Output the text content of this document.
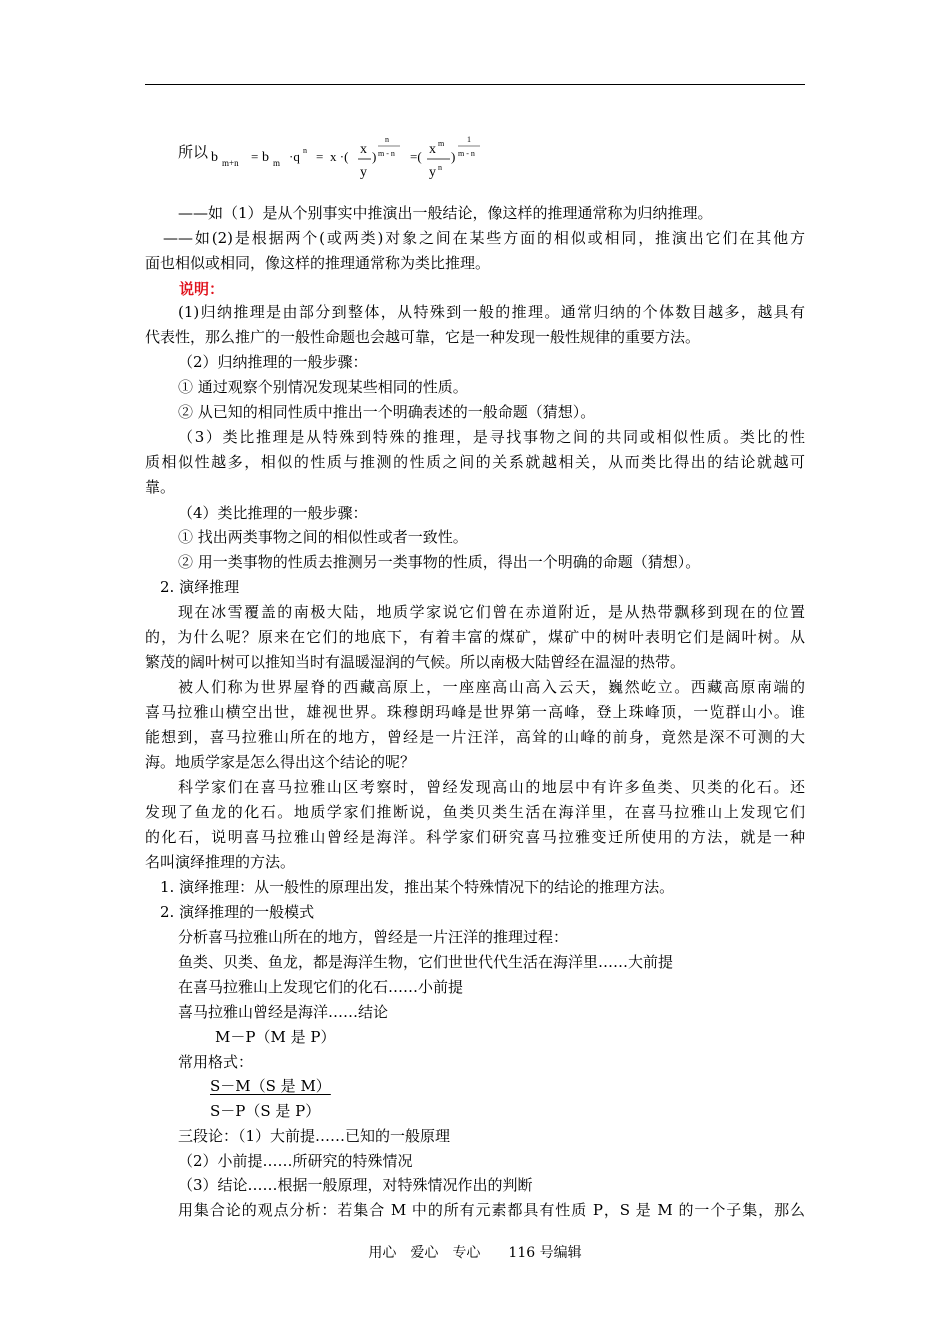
所以 b m+n = b m ·q n = x ·( x
y
)
n
m - n =( x m
y n
)
1
m - n
——如（1）是从个别事实中推演出一般结论，像这样的推理通常称为归纳推理。
——如(2)是根据两个(或两类)对象之间在某些方面的相似或相同，推演出它们在其他方
面也相似或相同，像这样的推理通常称为类比推理。
说明：
(1)归纳推理是由部分到整体，从特殊到一般的推理。通常归纳的个体数目越多，越具有
代表性，那么推广的一般性命题也会越可靠，它是一种发现一般性规律的重要方法。
（2）归纳推理的一般步骤：
① 通过观察个别情况发现某些相同的性质。
② 从已知的相同性质中推出一个明确表述的一般命题（猜想）。
（3）类比推理是从特殊到特殊的推理，是寻找事物之间的共同或相似性质。类比的性
质相似性越多，相似的性质与推测的性质之间的关系就越相关，从而类比得出的结论就越可
靠。
（4）类比推理的一般步骤：
① 找出两类事物之间的相似性或者一致性。
② 用一类事物的性质去推测另一类事物的性质，得出一个明确的命题（猜想）。
2. 演绎推理
现在冰雪覆盖的南极大陆，地质学家说它们曾在赤道附近，是从热带飘移到现在的位置
的，为什么呢？原来在它们的地底下，有着丰富的煤矿，煤矿中的树叶表明它们是阔叶树。从
繁茂的阔叶树可以推知当时有温暖湿润的气候。所以南极大陆曾经在温湿的热带。
被人们称为世界屋脊的西藏高原上，一座座高山高入云天，巍然屹立。西藏高原南端的
喜马拉雅山横空出世，雄视世界。珠穆朗玛峰是世界第一高峰，登上珠峰顶，一览群山小。谁
能想到，喜马拉雅山所在的地方，曾经是一片汪洋，高耸的山峰的前身，竟然是深不可测的大
海。地质学家是怎么得出这个结论的呢？
科学家们在喜马拉雅山区考察时，曾经发现高山的地层中有许多鱼类、贝类的化石。还
发现了鱼龙的化石。地质学家们推断说，鱼类贝类生活在海洋里，在喜马拉雅山上发现它们
的化石，说明喜马拉雅山曾经是海洋。科学家们研究喜马拉雅变迁所使用的方法，就是一种
名叫演绎推理的方法。
1. 演绎推理：从一般性的原理出发，推出某个特殊情况下的结论的推理方法。
2. 演绎推理的一般模式
分析喜马拉雅山所在的地方，曾经是一片汪洋的推理过程：
鱼类、贝类、鱼龙，都是海洋生物，它们世世代代生活在海洋里……大前提
在喜马拉雅山上发现它们的化石……小前提
喜马拉雅山曾经是海洋……结论
M－P（M 是 P）
常用格式：
S－M（S 是 M）
S－P（S 是 P）
三段论：（1）大前提……已知的一般原理
（2）小前提……所研究的特殊情况
（3）结论……根据一般原理，对特殊情况作出的判断
用集合论的观点分析：若集合 M 中的所有元素都具有性质 P，S 是 M 的一个子集，那么
用心　爱心　专心　　116 号编辑
